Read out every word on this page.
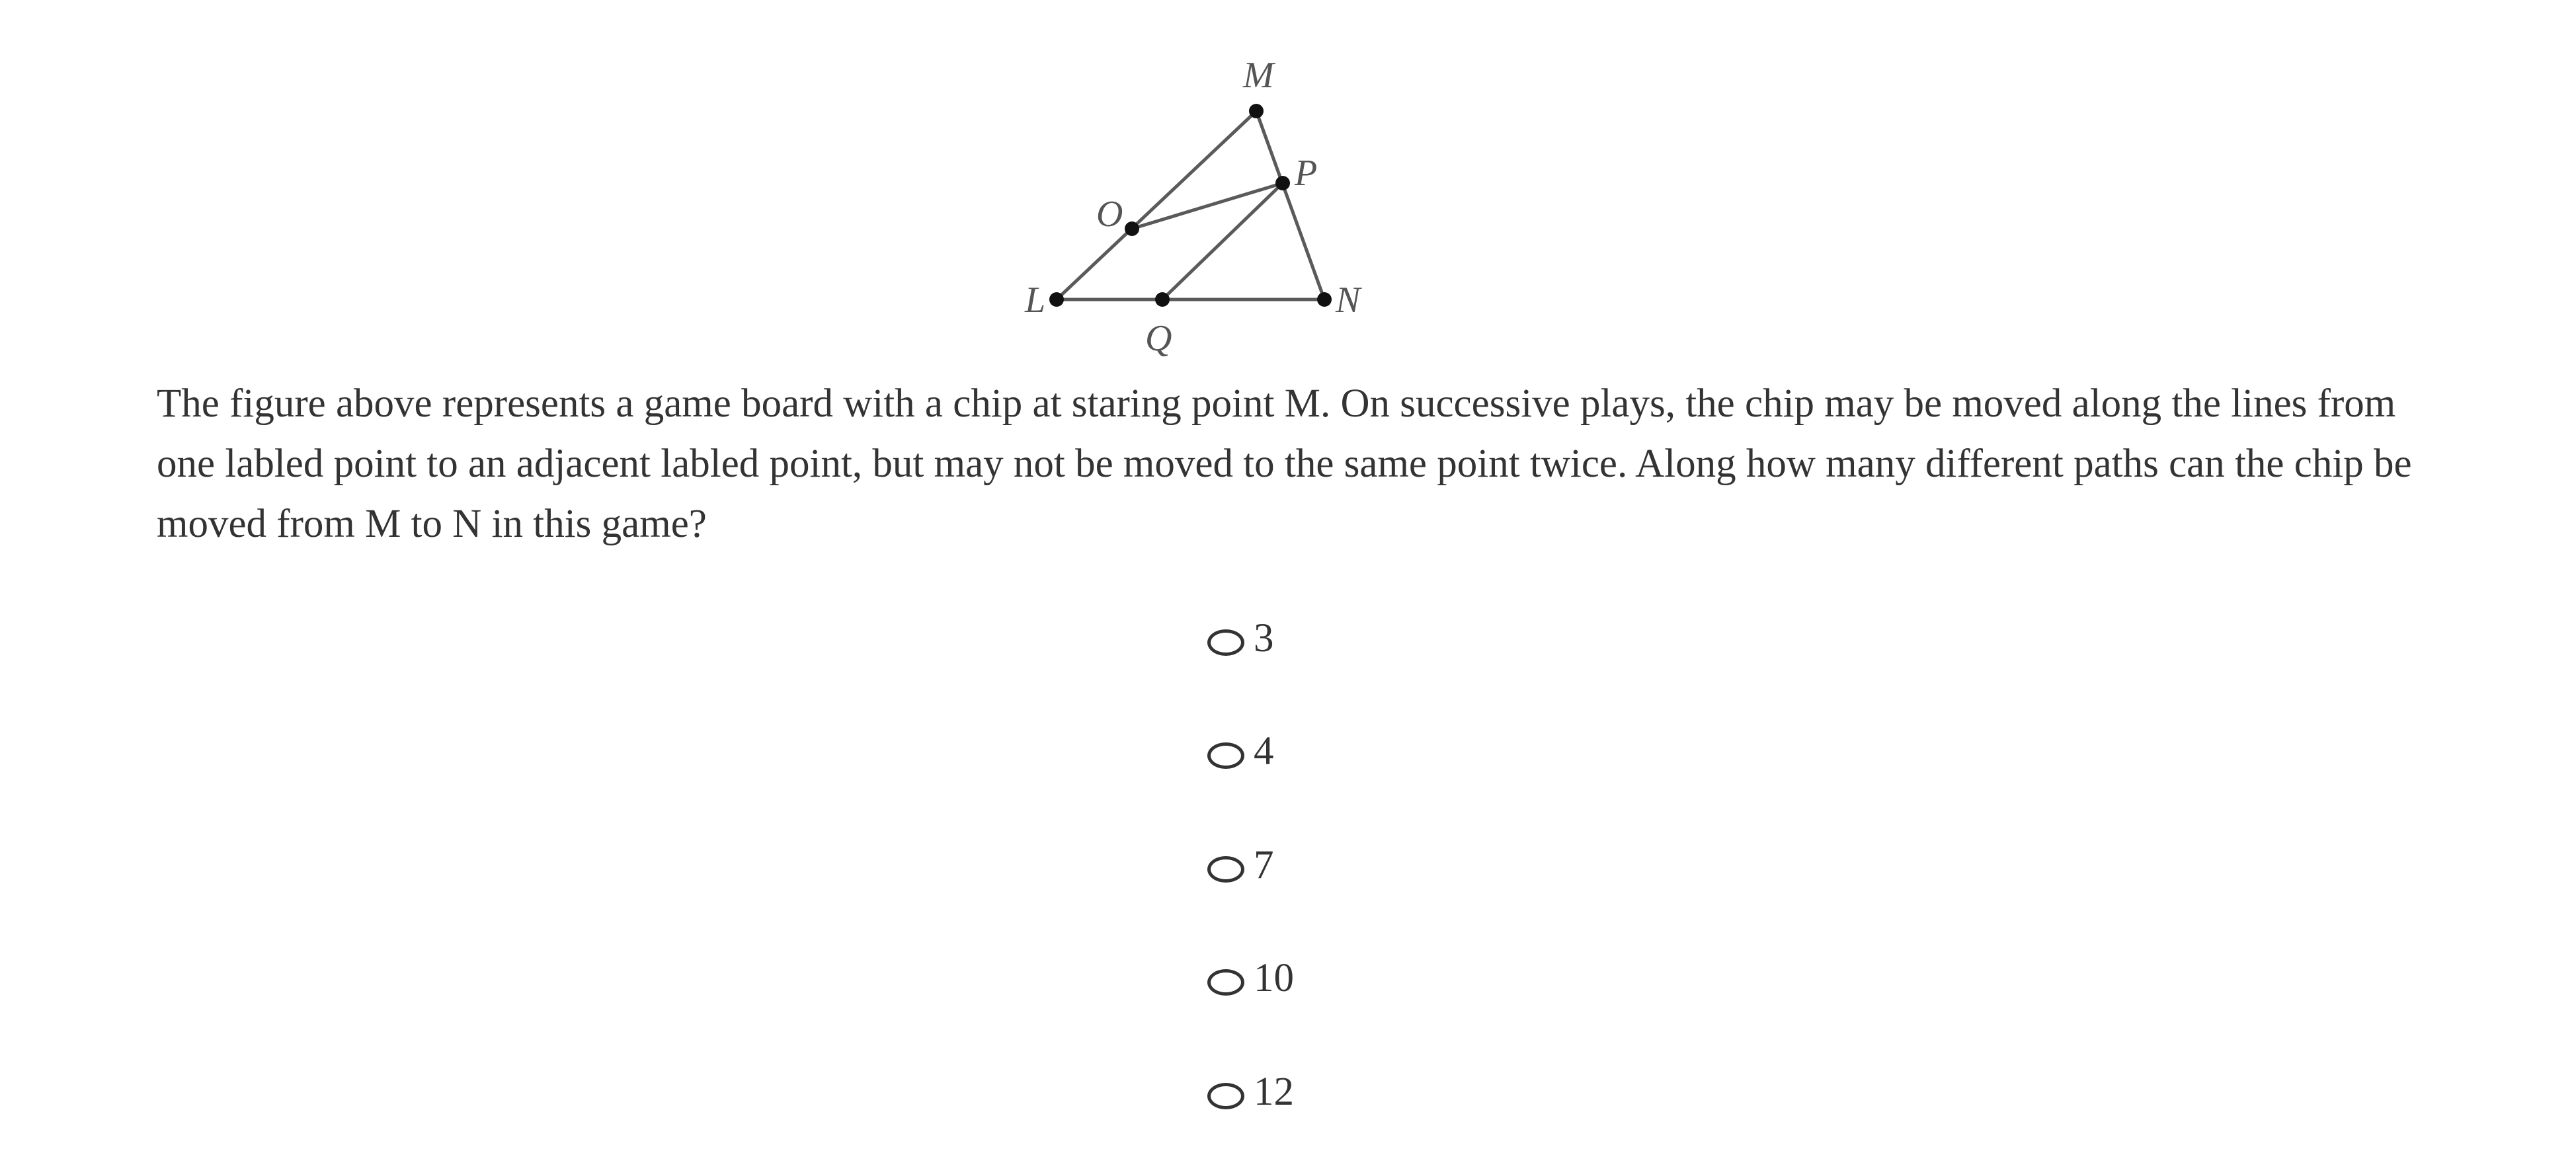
M
P
O
L
Q
N

The figure above represents a game board with a chip at staring point M. On successive plays, the chip may be moved along the lines from one labled point to an adjacent labled point, but may not be moved to the same point twice. Along how many different paths can the chip be moved from M to N in this game?

3
4
7
10
12
